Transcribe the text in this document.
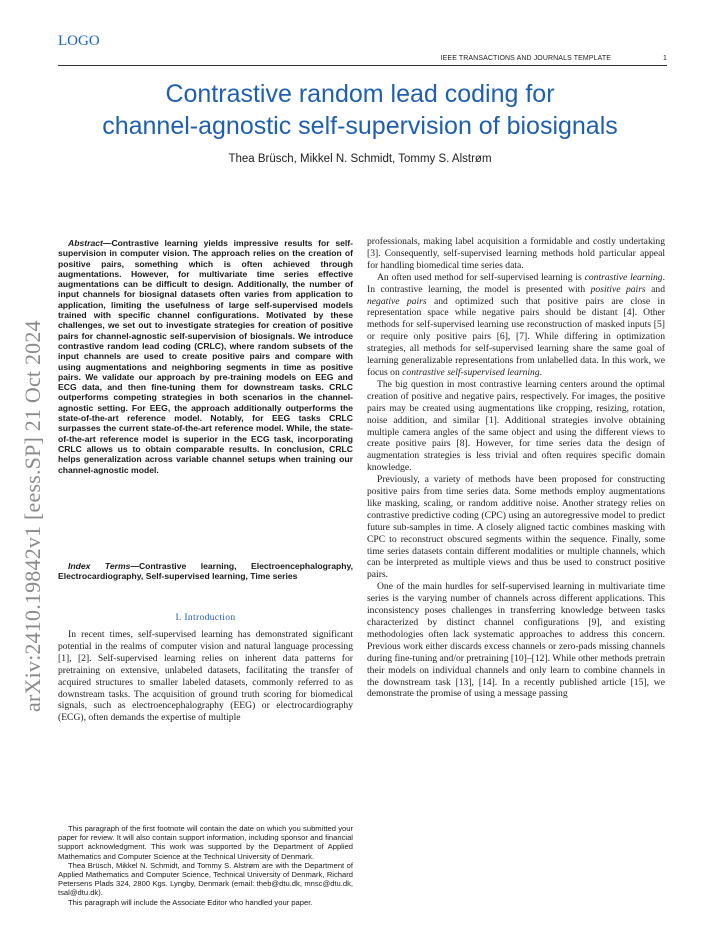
LOGO
IEEE TRANSACTIONS AND JOURNALS TEMPLATE	1
Contrastive random lead coding for
channel-agnostic self-supervision of biosignals
Thea Brüsch, Mikkel N. Schmidt, Tommy S. Alstrøm
arXiv:2410.19842v1 [eess.SP] 21 Oct 2024

Abstract—Contrastive learning yields impressive results for self-supervision in computer vision. The approach relies on the creation of positive pairs, something which is often achieved through augmentations. However, for multivariate time series effective augmentations can be difficult to design. Additionally, the number of input channels for biosignal datasets often varies from application to application, limiting the usefulness of large self-supervised models trained with specific channel configurations. Motivated by these challenges, we set out to investigate strategies for creation of positive pairs for channel-agnostic self-supervision of biosignals. We introduce contrastive random lead coding (CRLC), where random subsets of the input channels are used to create positive pairs and compare with using augmentations and neighboring segments in time as positive pairs. We validate our approach by pre-training models on EEG and ECG data, and then fine-tuning them for downstream tasks. CRLC outperforms competing strategies in both scenarios in the channel-agnostic setting. For EEG, the approach additionally outperforms the state-of-the-art reference model. Notably, for EEG tasks CRLC surpasses the current state-of-the-art reference model. While, the state-of-the-art reference model is superior in the ECG task, incorporating CRLC allows us to obtain comparable results. In conclusion, CRLC helps generalization across variable channel setups when training our channel-agnostic model.

Index Terms—Contrastive learning, Electroencephalography, Electrocardiography, Self-supervised learning, Time series

I. Introduction

In recent times, self-supervised learning has demonstrated significant potential in the realms of computer vision and natural language processing [1], [2]. Self-supervised learning relies on inherent data patterns for pretraining on extensive, unlabeled datasets, facilitating the transfer of acquired structures to smaller labeled datasets, commonly referred to as downstream tasks. The acquisition of ground truth scoring for biomedical signals, such as electroencephalography (EEG) or electrocardiography (ECG), often demands the expertise of multiple

This paragraph of the first footnote will contain the date on which you submitted your paper for review. It will also contain support information, including sponsor and financial support acknowledgment. This work was supported by the Department of Applied Mathematics and Computer Science at the Technical University of Denmark.

Thea Brüsch, Mikkel N. Schmidt, and Tommy S. Alstrøm are with the Department of Applied Mathematics and Computer Science, Technical University of Denmark, Richard Petersens Plads 324, 2800 Kgs. Lyngby, Denmark (email: theb@dtu.dk, mnsc@dtu.dk, tsal@dtu.dk).

This paragraph will include the Associate Editor who handled your paper.

professionals, making label acquisition a formidable and costly undertaking [3]. Consequently, self-supervised learning methods hold particular appeal for handling biomedical time series data.

An often used method for self-supervised learning is contrastive learning. In contrastive learning, the model is presented with positive pairs and negative pairs and optimized such that positive pairs are close in representation space while negative pairs should be distant [4]. Other methods for self-supervised learning use reconstruction of masked inputs [5] or require only positive pairs [6], [7]. While differing in optimization strategies, all methods for self-supervised learning share the same goal of learning generalizable representations from unlabelled data. In this work, we focus on contrastive self-supervised learning.

The big question in most contrastive learning centers around the optimal creation of positive and negative pairs, respectively. For images, the positive pairs may be created using augmentations like cropping, resizing, rotation, noise addition, and similar [1]. Additional strategies involve obtaining multiple camera angles of the same object and using the different views to create positive pairs [8]. However, for time series data the design of augmentation strategies is less trivial and often requires specific domain knowledge.

Previously, a variety of methods have been proposed for constructing positive pairs from time series data. Some methods employ augmentations like masking, scaling, or random additive noise. Another strategy relies on contrastive predictive coding (CPC) using an autoregressive model to predict future sub-samples in time. A closely aligned tactic combines masking with CPC to reconstruct obscured segments within the sequence. Finally, some time series datasets contain different modalities or multiple channels, which can be interpreted as multiple views and thus be used to construct positive pairs.

One of the main hurdles for self-supervised learning in multivariate time series is the varying number of channels across different applications. This inconsistency poses challenges in transferring knowledge between tasks characterized by distinct channel configurations [9], and existing methodologies often lack systematic approaches to address this concern. Previous work either discards excess channels or zero-pads missing channels during fine-tuning and/or pretraining [10]–[12]. While other methods pretrain their models on individual channels and only learn to combine channels in the downstream task [13], [14]. In a recently published article [15], we demonstrate the promise of using a message passing
